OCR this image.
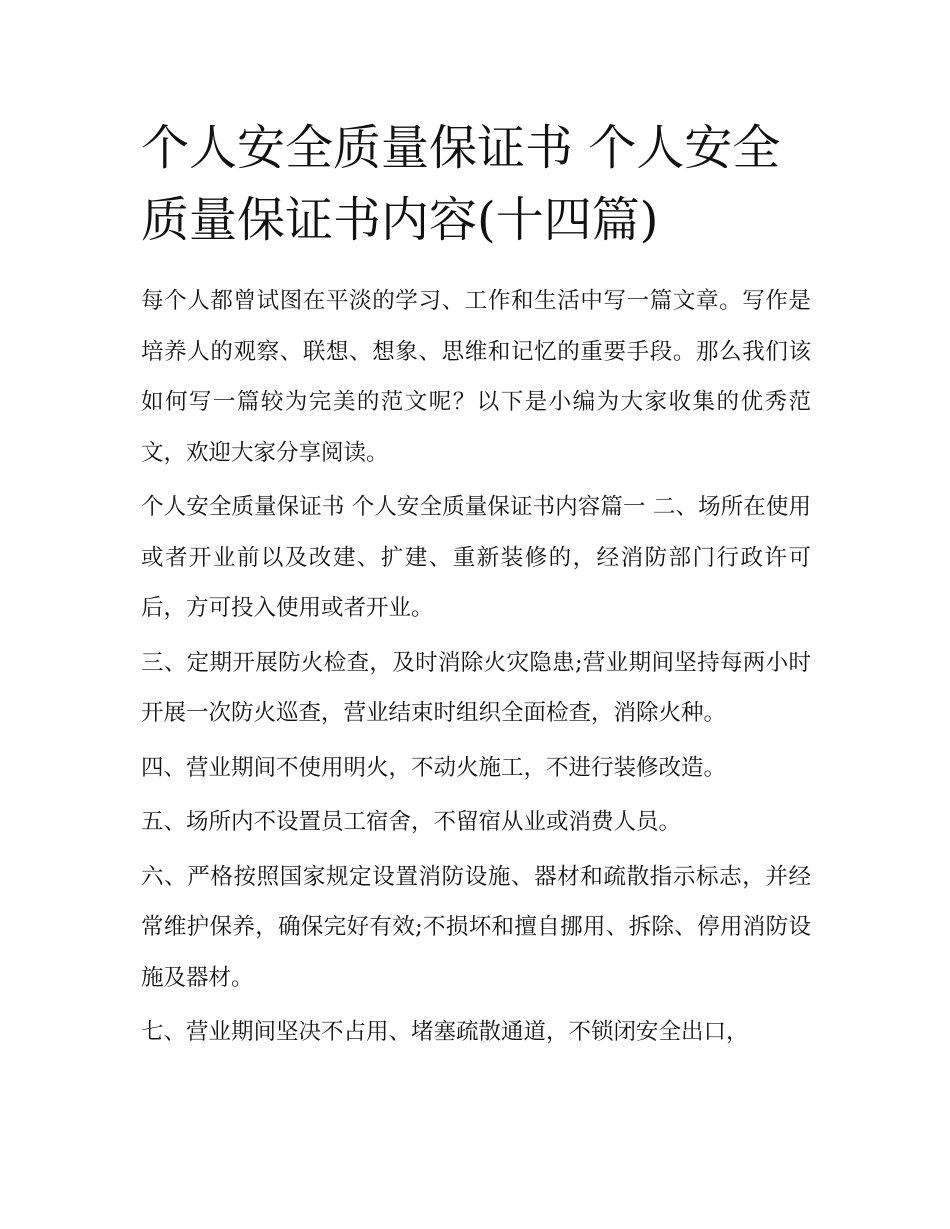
个人安全质量保证书 个人安全质量保证书内容(十四篇)

每个人都曾试图在平淡的学习、工作和生活中写一篇文章。写作是培养人的观察、联想、想象、思维和记忆的重要手段。那么我们该如何写一篇较为完美的范文呢？以下是小编为大家收集的优秀范文，欢迎大家分享阅读。

个人安全质量保证书 个人安全质量保证书内容篇一 二、场所在使用或者开业前以及改建、扩建、重新装修的，经消防部门行政许可后，方可投入使用或者开业。

三、定期开展防火检查，及时消除火灾隐患;营业期间坚持每两小时开展一次防火巡查，营业结束时组织全面检查，消除火种。

四、营业期间不使用明火，不动火施工，不进行装修改造。

五、场所内不设置员工宿舍，不留宿从业或消费人员。

六、严格按照国家规定设置消防设施、器材和疏散指示标志，并经常维护保养，确保完好有效;不损坏和擅自挪用、拆除、停用消防设施及器材。

七、营业期间坚决不占用、堵塞疏散通道，不锁闭安全出口，
